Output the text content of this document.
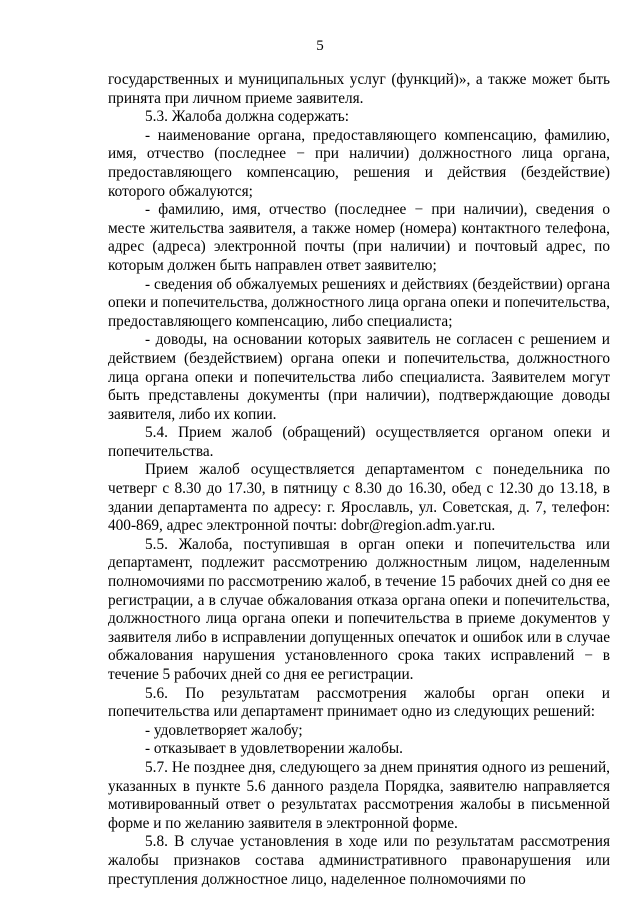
5

государственных и муниципальных услуг (функций)», а также может быть принята при личном приеме заявителя.

5.3. Жалоба должна содержать:

- наименование органа, предоставляющего компенсацию, фамилию, имя, отчество (последнее − при наличии) должностного лица органа, предоставляющего компенсацию, решения и действия (бездействие) которого обжалуются;

- фамилию, имя, отчество (последнее − при наличии), сведения о месте жительства заявителя, а также номер (номера) контактного телефона, адрес (адреса) электронной почты (при наличии) и почтовый адрес, по которым должен быть направлен ответ заявителю;

- сведения об обжалуемых решениях и действиях (бездействии) органа опеки и попечительства, должностного лица органа опеки и попечительства, предоставляющего компенсацию, либо специалиста;

- доводы, на основании которых заявитель не согласен с решением и действием (бездействием) органа опеки и попечительства, должностного лица органа опеки и попечительства либо специалиста. Заявителем могут быть представлены документы (при наличии), подтверждающие доводы заявителя, либо их копии.

5.4. Прием жалоб (обращений) осуществляется органом опеки и попечительства.

Прием жалоб осуществляется департаментом с понедельника по четверг с 8.30 до 17.30, в пятницу с 8.30 до 16.30, обед с 12.30 до 13.18, в здании департамента по адресу: г. Ярославль, ул. Советская, д. 7, телефон: 400-869, адрес электронной почты: dobr@region.adm.yar.ru.

5.5. Жалоба, поступившая в орган опеки и попечительства или департамент, подлежит рассмотрению должностным лицом, наделенным полномочиями по рассмотрению жалоб, в течение 15 рабочих дней со дня ее регистрации, а в случае обжалования отказа органа опеки и попечительства, должностного лица органа опеки и попечительства в приеме документов у заявителя либо в исправлении допущенных опечаток и ошибок или в случае обжалования нарушения установленного срока таких исправлений − в течение 5 рабочих дней со дня ее регистрации.

5.6. По результатам рассмотрения жалобы орган опеки и попечительства или департамент принимает одно из следующих решений:

- удовлетворяет жалобу;

- отказывает в удовлетворении жалобы.

5.7. Не позднее дня, следующего за днем принятия одного из решений, указанных в пункте 5.6 данного раздела Порядка, заявителю направляется мотивированный ответ о результатах рассмотрения жалобы в письменной форме и по желанию заявителя в электронной форме.

5.8. В случае установления в ходе или по результатам рассмотрения жалобы признаков состава административного правонарушения или преступления должностное лицо, наделенное полномочиями по
